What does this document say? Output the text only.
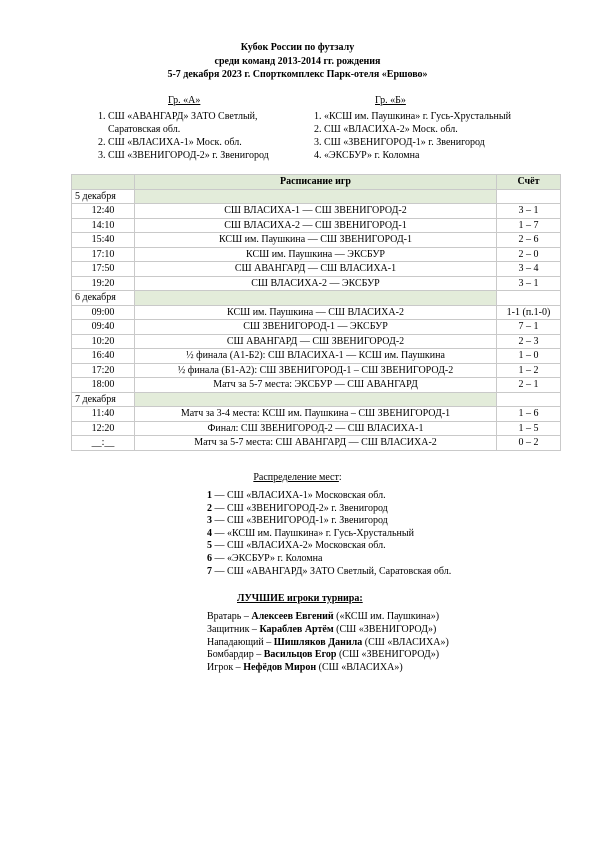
Кубок России по футзалу
среди команд 2013-2014 гг. рождения
5-7 декабря 2023 г. Спорткомплекс Парк-отеля «Ершово»
Гр. «А»
1. СШ «АВАНГАРД» ЗАТО Светлый,
Саратовская обл.
2. СШ «ВЛАСИХА-1» Моск. обл.
3. СШ «ЗВЕНИГОРОД-2» г. Звенигород
Гр. «Б»
1. «КСШ им. Паушкина» г. Гусь-Хрустальный
2. СШ «ВЛАСИХА-2» Моск. обл.
3. СШ «ЗВЕНИГОРОД-1» г. Звенигород
4. «ЭКСБУР» г. Коломна
	Расписание игр	Счёт
5 декабря		
12:40	СШ ВЛАСИХА-1 — СШ ЗВЕНИГОРОД-2	3 – 1
14:10	СШ ВЛАСИХА-2 — СШ ЗВЕНИГОРОД-1	1 – 7
15:40	КСШ им. Паушкина — СШ ЗВЕНИГОРОД-1	2 – 6
17:10	КСШ им. Паушкина — ЭКСБУР	2 – 0
17:50	СШ АВАНГАРД — СШ ВЛАСИХА-1	3 – 4
19:20	СШ ВЛАСИХА-2 — ЭКСБУР	3 – 1
6 декабря		
09:00	КСШ им. Паушкина — СШ ВЛАСИХА-2	1-1 (п.1-0)
09:40	СШ ЗВЕНИГОРОД-1 — ЭКСБУР	7 – 1
10:20	СШ АВАНГАРД — СШ ЗВЕНИГОРОД-2	2 – 3
16:40	½ финала (А1-Б2): СШ ВЛАСИХА-1 — КСШ им. Паушкина	1 – 0
17:20	½ финала (Б1-А2): СШ ЗВЕНИГОРОД-1 – СШ ЗВЕНИГОРОД-2	1 – 2
18:00	Матч за 5-7 места: ЭКСБУР — СШ АВАНГАРД	2 – 1
7 декабря		
11:40	Матч за 3-4 места: КСШ им. Паушкина – СШ ЗВЕНИГОРОД-1	1 – 6
12:20	Финал: СШ ЗВЕНИГОРОД-2 — СШ ВЛАСИХА-1	1 – 5
__:__	Матч за 5-7 места: СШ АВАНГАРД — СШ ВЛАСИХА-2	0 – 2
Распределение мест:
1 — СШ «ВЛАСИХА-1» Московская обл.
2 — СШ «ЗВЕНИГОРОД-2» г. Звенигород
3 — СШ «ЗВЕНИГОРОД-1» г. Звенигород
4 — «КСШ им. Паушкина» г. Гусь-Хрустальный
5 — СШ «ВЛАСИХА-2» Московская обл.
6 — «ЭКСБУР» г. Коломна
7 — СШ «АВАНГАРД» ЗАТО Светлый, Саратовская обл.
ЛУЧШИЕ игроки турнира:
Вратарь – Алексеев Евгений («КСШ им. Паушкина»)
Защитник – Караблев Артём (СШ «ЗВЕНИГОРОД»)
Нападающий – Шишляков Данила (СШ «ВЛАСИХА»)
Бомбардир – Васильцов Егор (СШ «ЗВЕНИГОРОД»)
Игрок – Нефёдов Мирон (СШ «ВЛАСИХА»)
